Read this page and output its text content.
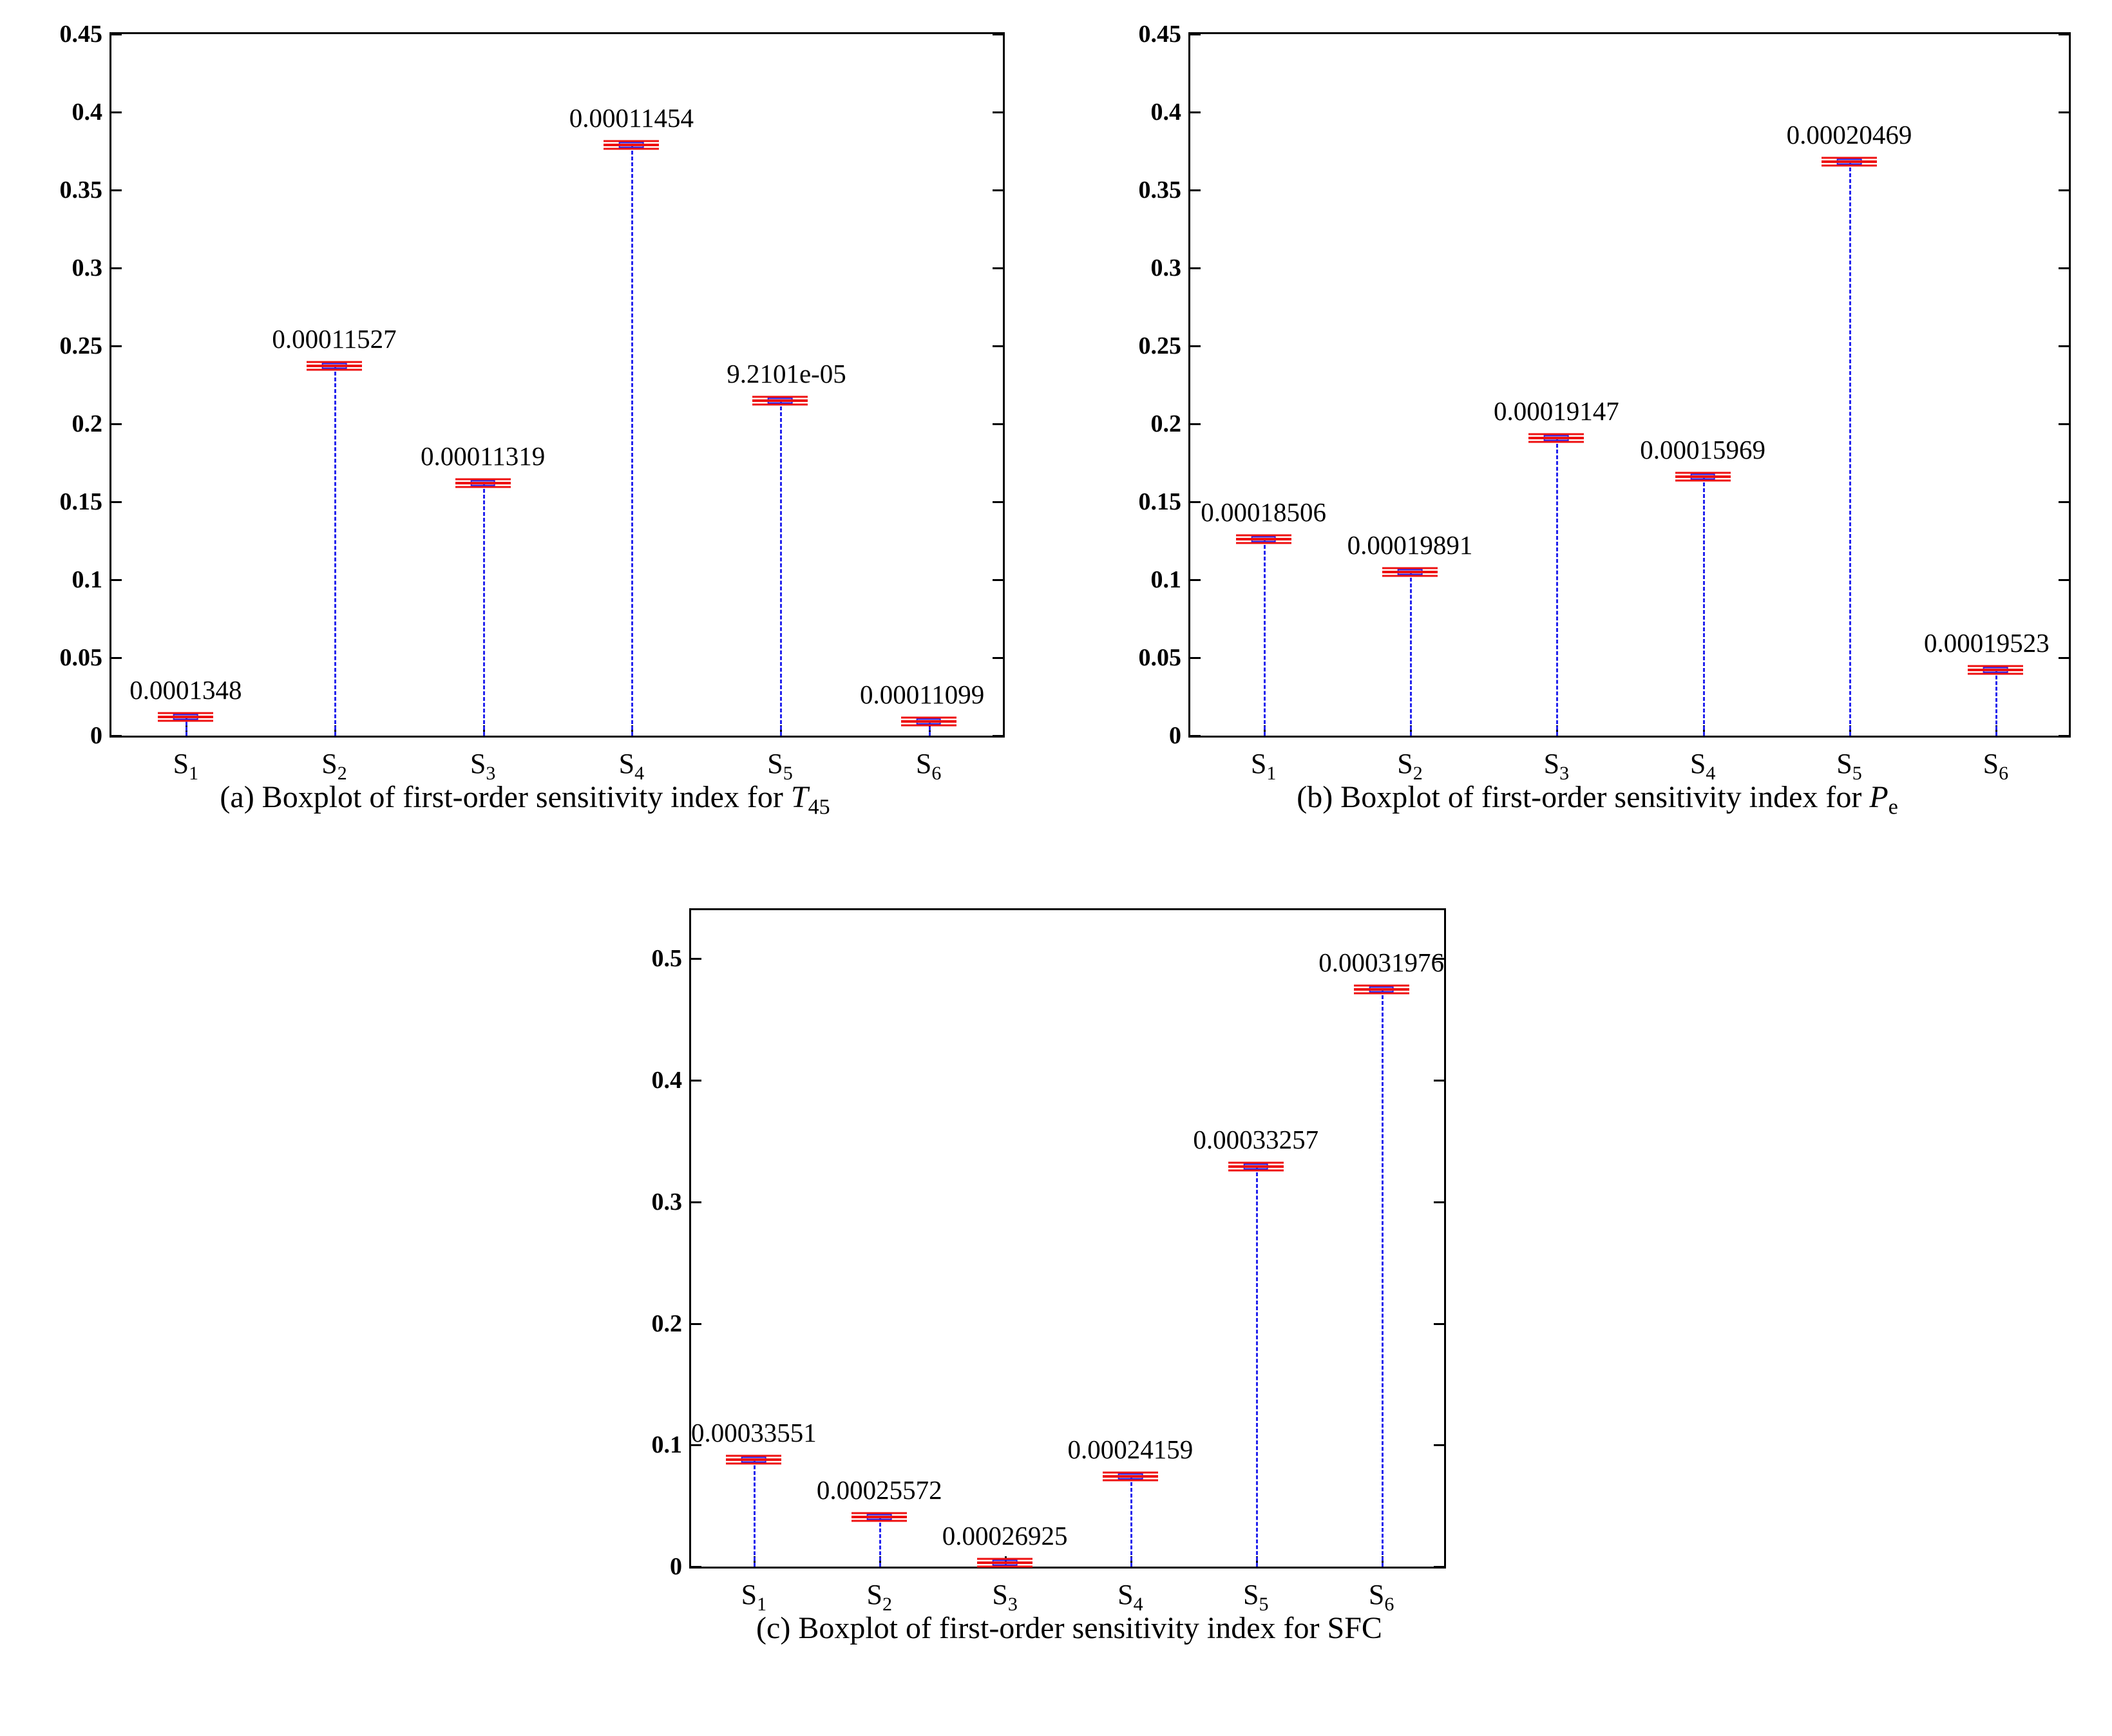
0
0.05
0.1
0.15
0.2
0.25
0.3
0.35
0.4
0.45
$S_1$
0.0001348
$S_2$
0.00011527
$S_3$
0.00011319
$S_4$
0.00011454
$S_5$
9.2101e-05
$S_6$
0.00011099
(a) Boxplot of first-order sensitivity index for $T_{45}$
0
0.05
0.1
0.15
0.2
0.25
0.3
0.35
0.4
0.45
$S_1$
0.00018506
$S_2$
0.00019891
$S_3$
0.00019147
$S_4$
0.00015969
$S_5$
0.00020469
$S_6$
0.00019523
(b) Boxplot of first-order sensitivity index for $P_e$
0
0.1
0.2
0.3
0.4
0.5
$S_1$
0.00033551
$S_2$
0.00025572
$S_3$
0.00026925
$S_4$
0.00024159
$S_5$
0.00033257
$S_6$
0.00031976
(c) Boxplot of first-order sensitivity index for SFC
